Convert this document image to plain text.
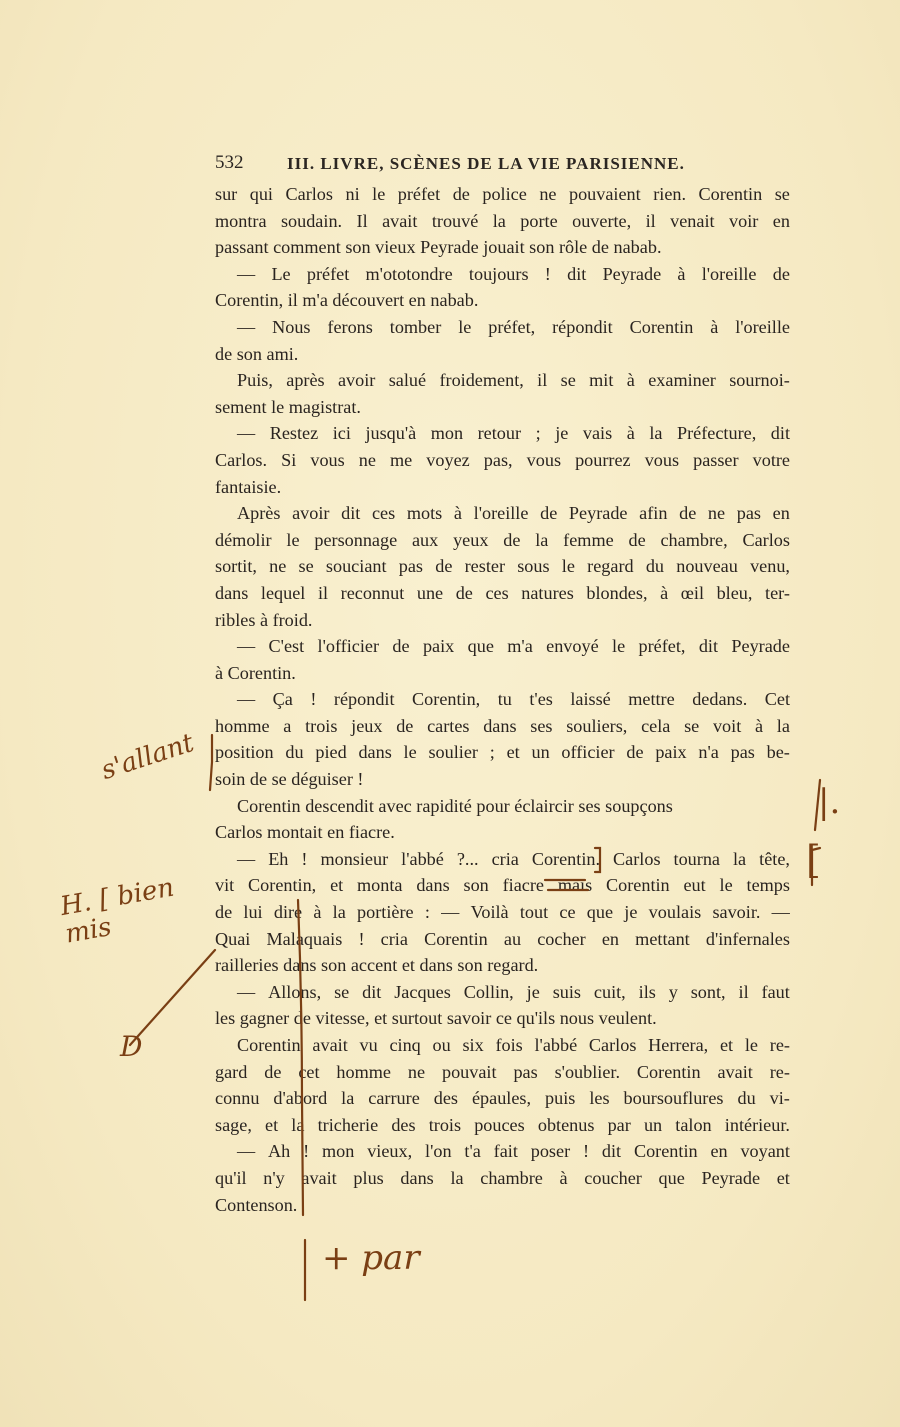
532	III. LIVRE, SCÈNES DE LA VIE PARISIENNE.
sur qui Carlos ni le préfet de police ne pouvaient rien. Corentin se
montra soudain. Il avait trouvé la porte ouverte, il venait voir en
passant comment son vieux Peyrade jouait son rôle de nabab.
— Le préfet m'ototondre toujours ! dit Peyrade à l'oreille de
Corentin, il m'a découvert en nabab.
— Nous ferons tomber le préfet, répondit Corentin à l'oreille
de son ami.
Puis, après avoir salué froidement, il se mit à examiner sournoi-
sement le magistrat.
— Restez ici jusqu'à mon retour ; je vais à la Préfecture, dit
Carlos. Si vous ne me voyez pas, vous pourrez vous passer votre
fantaisie.
Après avoir dit ces mots à l'oreille de Peyrade afin de ne pas en
démolir le personnage aux yeux de la femme de chambre, Carlos
sortit, ne se souciant pas de rester sous le regard du nouveau venu,
dans lequel il reconnut une de ces natures blondes, à œil bleu, ter-
ribles à froid.
— C'est l'officier de paix que m'a envoyé le préfet, dit Peyrade
à Corentin.
— Ça ! répondit Corentin, tu t'es laissé mettre dedans. Cet
homme a trois jeux de cartes dans ses souliers, cela se voit à la
position du pied dans le soulier ; et un officier de paix n'a pas be-
soin de se déguiser !
Corentin descendit avec rapidité pour éclaircir ses soupçons
Carlos montait en fiacre.
— Eh ! monsieur l'abbé ?... cria Corentin. Carlos tourna la tête,
vit Corentin, et monta dans son fiacre mais Corentin eut le temps
de lui dire à la portière : — Voilà tout ce que je voulais savoir. —
Quai Malaquais ! cria Corentin au cocher en mettant d'infernales
railleries dans son accent et dans son regard.
— Allons, se dit Jacques Collin, je suis cuit, ils y sont, il faut
les gagner de vitesse, et surtout savoir ce qu'ils nous veulent.
Corentin avait vu cinq ou six fois l'abbé Carlos Herrera, et le re-
gard de cet homme ne pouvait pas s'oublier. Corentin avait re-
connu d'abord la carrure des épaules, puis les boursouflures du vi-
sage, et la tricherie des trois pouces obtenus par un talon intérieur.
— Ah ! mon vieux, l'on t'a fait poser ! dit Corentin en voyant
qu'il n'y avait plus dans la chambre à coucher que Peyrade et
Contenson.
s'allant
H. [ bien mis
D
|.
[
+ par
